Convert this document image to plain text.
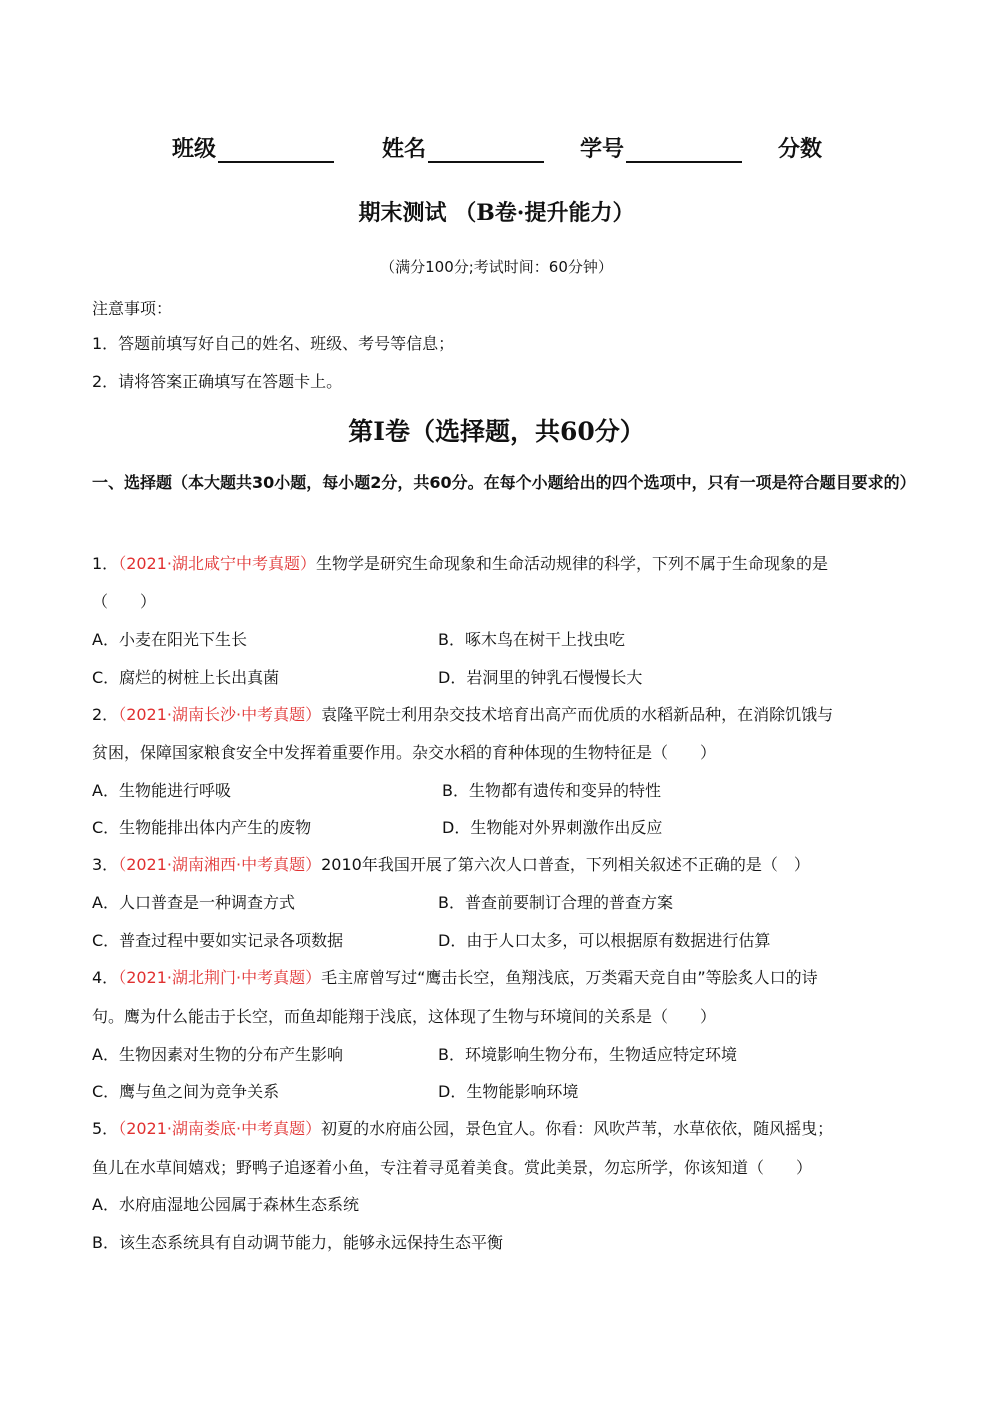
班级	姓名	学号	分数
期末测试 （B卷·提升能力）
（满分100分;考试时间：60分钟）
注意事项：
1．答题前填写好自己的姓名、班级、考号等信息；
2．请将答案正确填写在答题卡上。
第Ⅰ卷（选择题，共60分）
一、选择题（本大题共30小题，每小题2分，共60分。在每个小题给出的四个选项中，只有一项是符合题目要求的）
1．（2021·湖北咸宁中考真题）生物学是研究生命现象和生命活动规律的科学，下列不属于生命现象的是
（　　）
A．小麦在阳光下生长	B．啄木鸟在树干上找虫吃
C．腐烂的树桩上长出真菌	D．岩洞里的钟乳石慢慢长大
2．（2021·湖南长沙·中考真题）袁隆平院士利用杂交技术培育出高产而优质的水稻新品种，在消除饥饿与
贫困，保障国家粮食安全中发挥着重要作用。杂交水稻的育种体现的生物特征是（　　）
A．生物能进行呼吸	B．生物都有遗传和变异的特性
C．生物能排出体内产生的废物	D．生物能对外界刺激作出反应
3．（2021·湖南湘西·中考真题）2010年我国开展了第六次人口普查，下列相关叙述不正确的是（　）
A．人口普查是一种调查方式	B．普查前要制订合理的普查方案
C．普查过程中要如实记录各项数据	D．由于人口太多，可以根据原有数据进行估算
4．（2021·湖北荆门·中考真题）毛主席曾写过“鹰击长空，鱼翔浅底，万类霜天竞自由”等脍炙人口的诗
句。鹰为什么能击于长空，而鱼却能翔于浅底，这体现了生物与环境间的关系是（　　）
A．生物因素对生物的分布产生影响	B．环境影响生物分布，生物适应特定环境
C．鹰与鱼之间为竞争关系	D．生物能影响环境
5．（2021·湖南娄底·中考真题）初夏的水府庙公园，景色宜人。你看：风吹芦苇，水草依依，随风摇曳；
鱼儿在水草间嬉戏；野鸭子追逐着小鱼，专注着寻觅着美食。赏此美景，勿忘所学，你该知道（　　）
A．水府庙湿地公园属于森林生态系统
B．该生态系统具有自动调节能力，能够永远保持生态平衡
